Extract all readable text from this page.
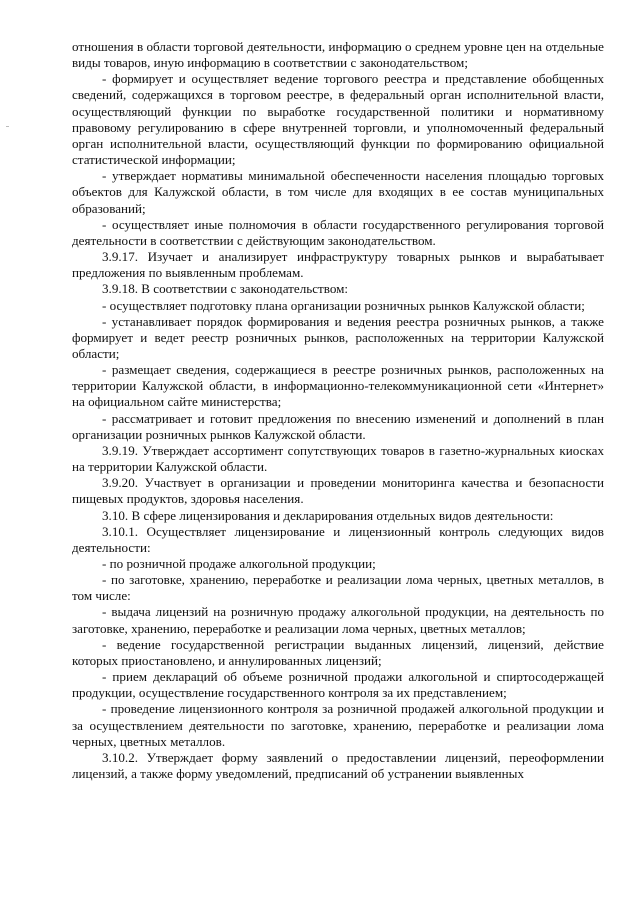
отношения в области торговой деятельности, информацию о среднем уровне цен на отдельные виды товаров, иную информацию в соответствии с законодательством;

- формирует и осуществляет ведение торгового реестра и представление обобщенных сведений, содержащихся в торговом реестре, в федеральный орган исполнительной власти, осуществляющий функции по выработке государственной политики и нормативному правовому регулированию в сфере внутренней торговли, и уполномоченный федеральный орган исполнительной власти, осуществляющий функции по формированию официальной статистической информации;

- утверждает нормативы минимальной обеспеченности населения площадью торговых объектов для Калужской области, в том числе для входящих в ее состав муниципальных образований;

- осуществляет иные полномочия в области государственного регулирования торговой деятельности в соответствии с действующим законодательством.

3.9.17. Изучает и анализирует инфраструктуру товарных рынков и вырабатывает предложения по выявленным проблемам.

3.9.18. В соответствии с законодательством:

- осуществляет подготовку плана организации розничных рынков Калужской области;

- устанавливает порядок формирования и ведения реестра розничных рынков, а также формирует и ведет реестр розничных рынков, расположенных на территории Калужской области;

- размещает сведения, содержащиеся в реестре розничных рынков, расположенных на территории Калужской области, в информационно-телекоммуникационной сети «Интернет» на официальном сайте министерства;

- рассматривает и готовит предложения по внесению изменений и дополнений в план организации розничных рынков Калужской области.

3.9.19. Утверждает ассортимент сопутствующих товаров в газетно-журнальных киосках на территории Калужской области.

3.9.20. Участвует в организации и проведении мониторинга качества и безопасности пищевых продуктов, здоровья населения.

3.10. В сфере лицензирования и декларирования отдельных видов деятельности:

3.10.1. Осуществляет лицензирование и лицензионный контроль следующих видов деятельности:

- по розничной продаже алкогольной продукции;

- по заготовке, хранению, переработке и реализации лома черных, цветных металлов, в том числе:

- выдача лицензий на розничную продажу алкогольной продукции, на деятельность по заготовке, хранению, переработке и реализации лома черных, цветных металлов;

- ведение государственной регистрации выданных лицензий, лицензий, действие которых приостановлено, и аннулированных лицензий;

- прием деклараций об объеме розничной продажи алкогольной и спиртосодержащей продукции, осуществление государственного контроля за их представлением;

- проведение лицензионного контроля за розничной продажей алкогольной продукции и за осуществлением деятельности по заготовке, хранению, переработке и реализации лома черных, цветных металлов.

3.10.2. Утверждает форму заявлений о предоставлении лицензий, переоформлении лицензий, а также форму уведомлений, предписаний об устранении выявленных
